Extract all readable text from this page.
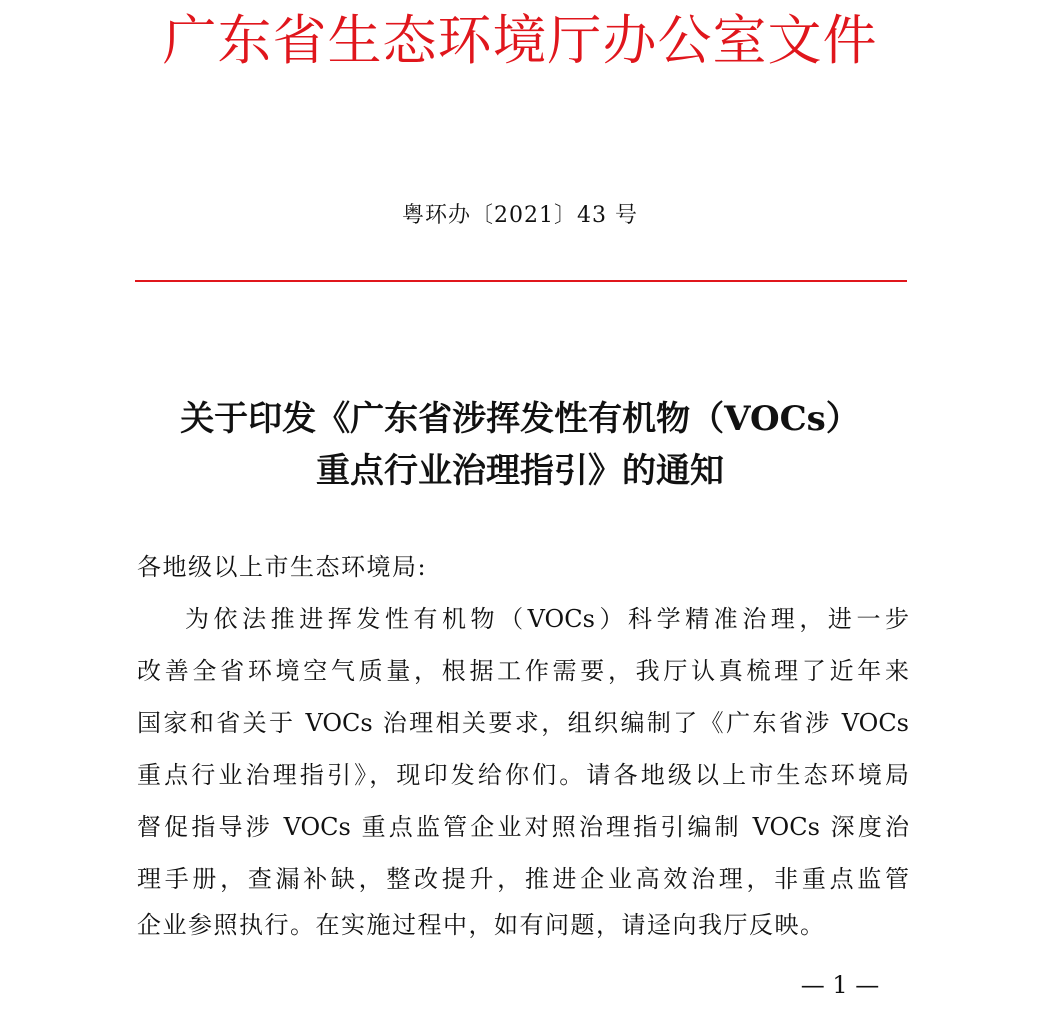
广东省生态环境厅办公室文件
粤环办〔2021〕43 号
关于印发《广东省涉挥发性有机物（VOCs）
重点行业治理指引》的通知
各地级以上市生态环境局:
为依法推进挥发性有机物（VOCs）科学精准治理，进一步
改善全省环境空气质量，根据工作需要，我厅认真梳理了近年来
国家和省关于 VOCs 治理相关要求，组织编制了《广东省涉 VOCs
重点行业治理指引》，现印发给你们。请各地级以上市生态环境局
督促指导涉 VOCs 重点监管企业对照治理指引编制 VOCs 深度治
理手册，查漏补缺，整改提升，推进企业高效治理，非重点监管
企业参照执行。在实施过程中，如有问题，请迳向我厅反映。
— 1 —
